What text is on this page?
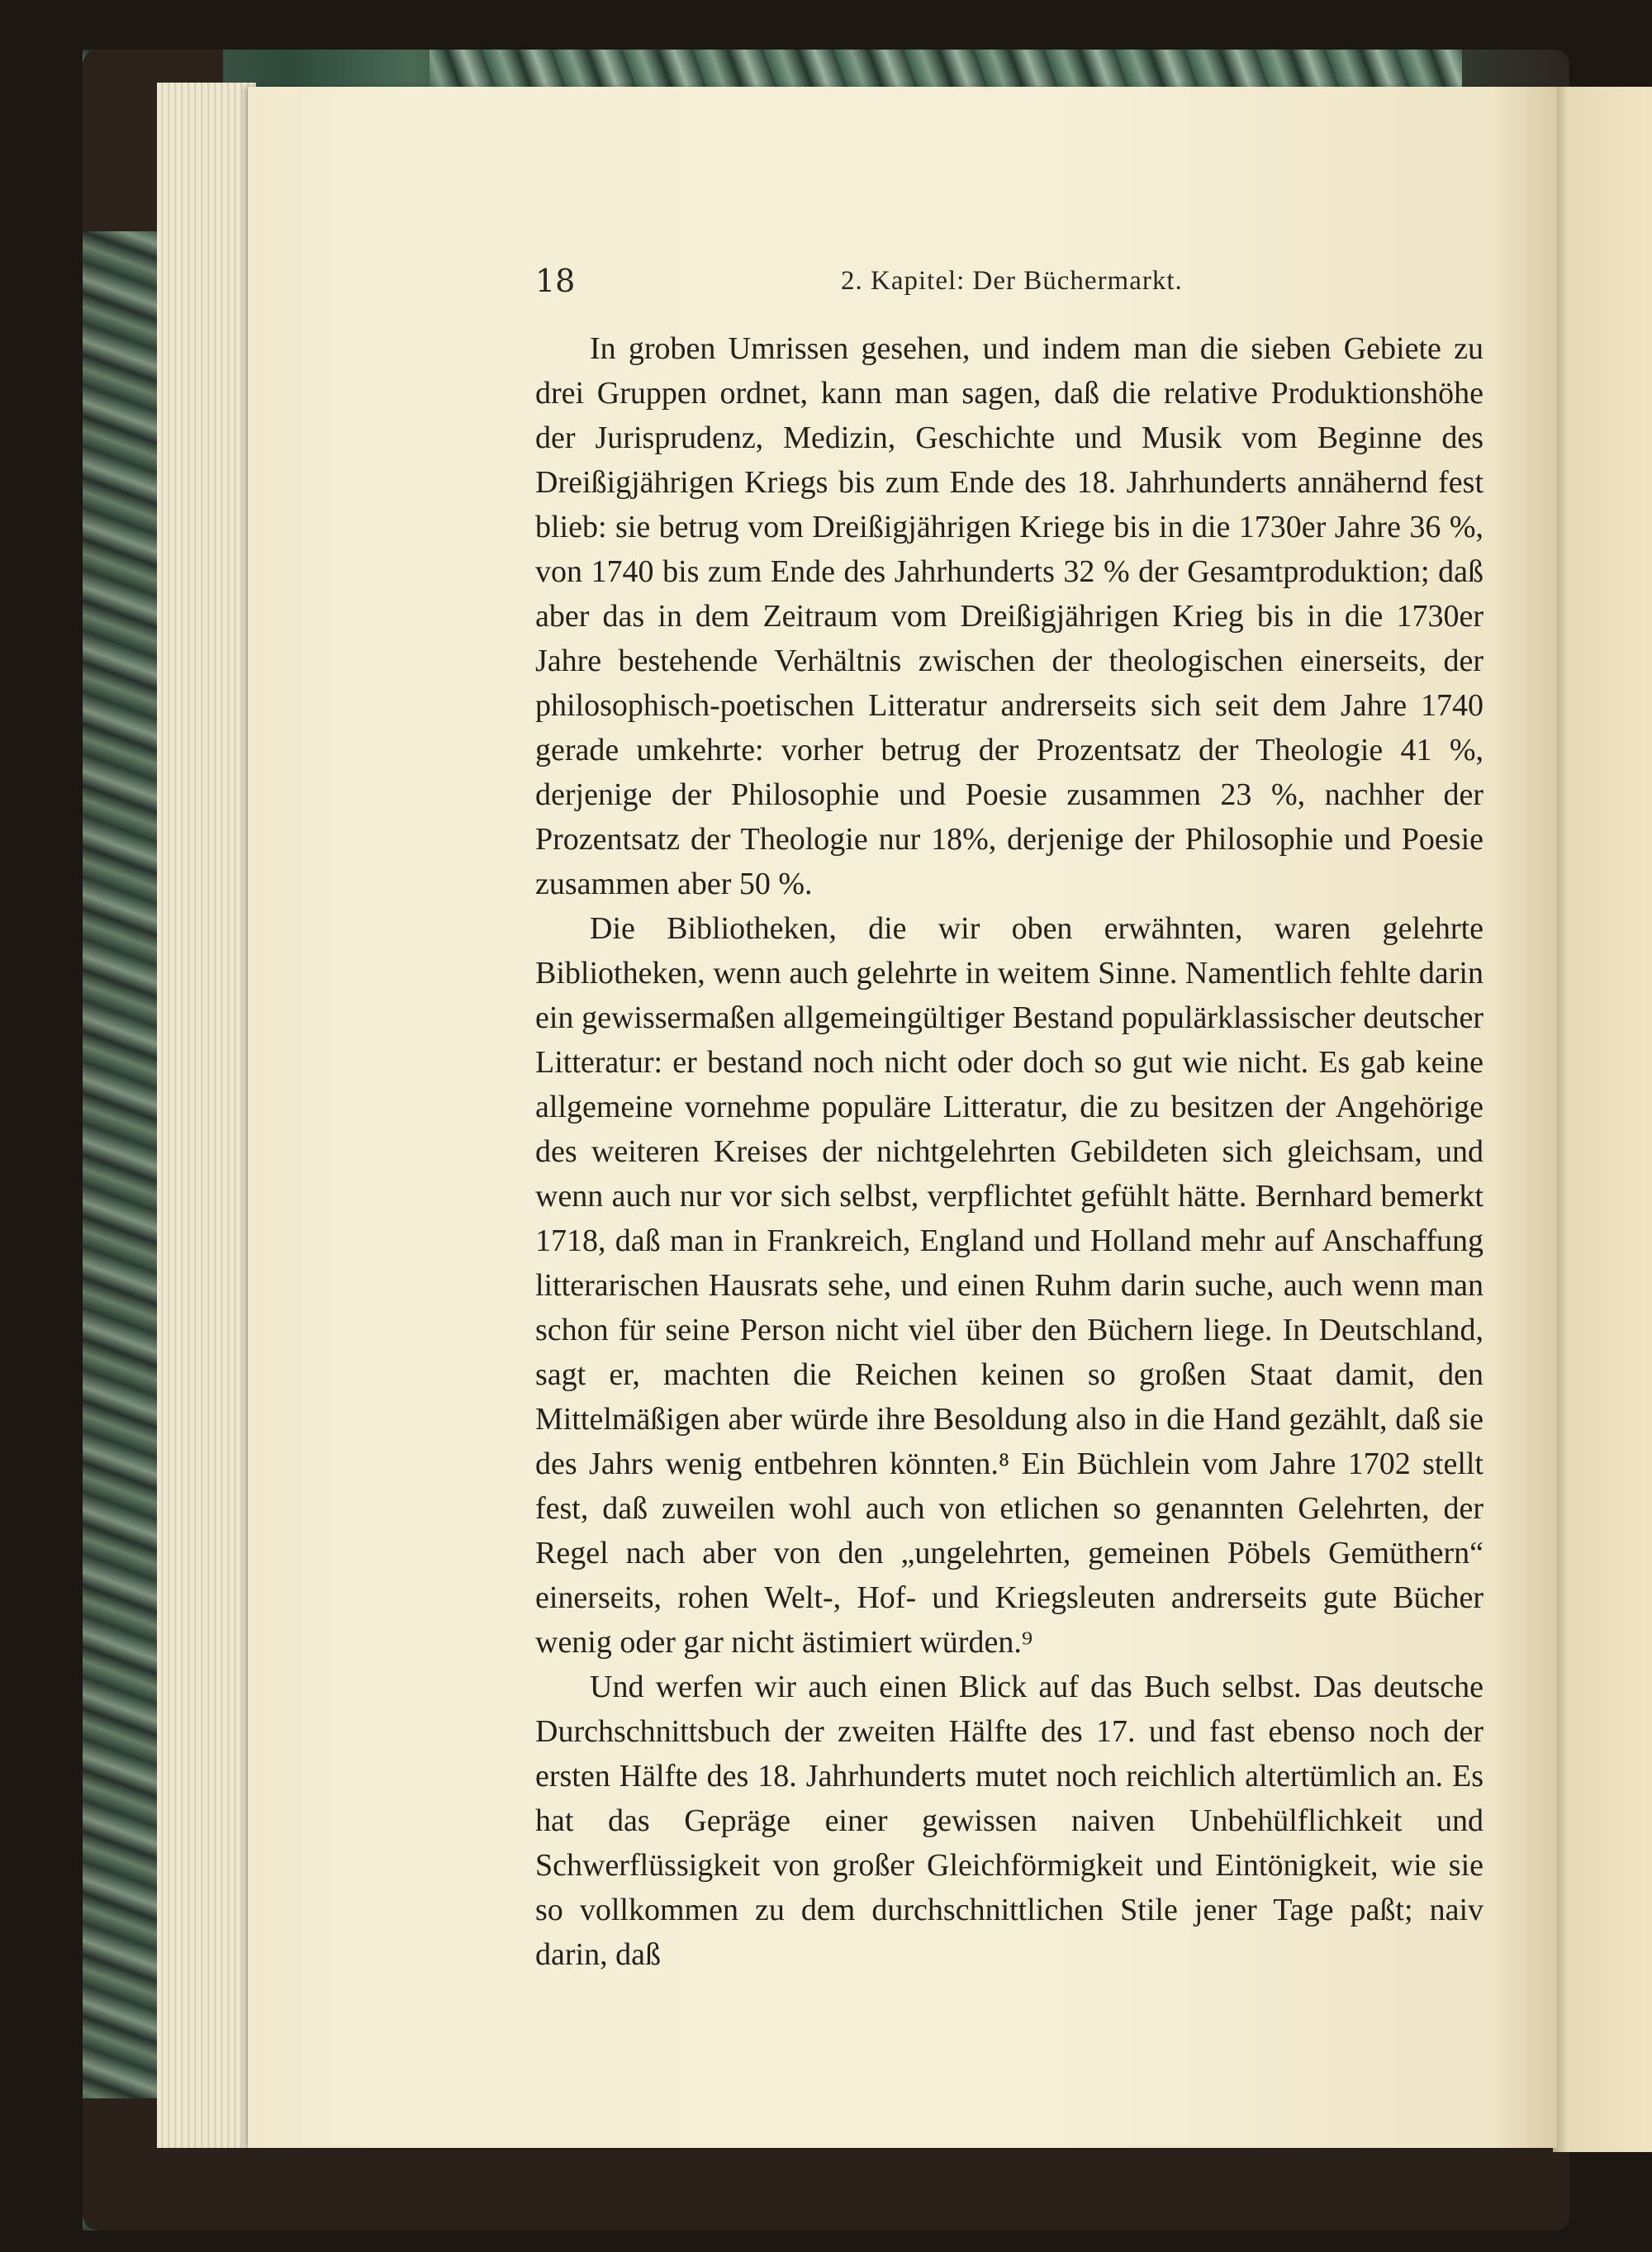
18	2. Kapitel: Der Büchermarkt.

In groben Umrissen gesehen, und indem man die sieben Gebiete zu drei Gruppen ordnet, kann man sagen, daß die relative Produktionshöhe der Jurisprudenz, Medizin, Geschichte und Musik vom Beginne des Dreißigjährigen Kriegs bis zum Ende des 18. Jahrhunderts annähernd fest blieb: sie betrug vom Dreißigjährigen Kriege bis in die 1730er Jahre 36 %, von 1740 bis zum Ende des Jahrhunderts 32 % der Gesamtproduktion; daß aber das in dem Zeitraum vom Dreißigjährigen Krieg bis in die 1730er Jahre bestehende Verhältnis zwischen der theologischen einerseits, der philosophisch-poetischen Litteratur andrerseits sich seit dem Jahre 1740 gerade umkehrte: vorher betrug der Prozentsatz der Theologie 41 %, derjenige der Philosophie und Poesie zusammen 23 %, nachher der Prozentsatz der Theologie nur 18%, derjenige der Philosophie und Poesie zusammen aber 50 %.

Die Bibliotheken, die wir oben erwähnten, waren gelehrte Bibliotheken, wenn auch gelehrte in weitem Sinne. Namentlich fehlte darin ein gewissermaßen allgemeingültiger Bestand populärklassischer deutscher Litteratur: er bestand noch nicht oder doch so gut wie nicht. Es gab keine allgemeine vornehme populäre Litteratur, die zu besitzen der Angehörige des weiteren Kreises der nichtgelehrten Gebildeten sich gleichsam, und wenn auch nur vor sich selbst, verpflichtet gefühlt hätte. Bernhard bemerkt 1718, daß man in Frankreich, England und Holland mehr auf Anschaffung litterarischen Hausrats sehe, und einen Ruhm darin suche, auch wenn man schon für seine Person nicht viel über den Büchern liege. In Deutschland, sagt er, machten die Reichen keinen so großen Staat damit, den Mittelmäßigen aber würde ihre Besoldung also in die Hand gezählt, daß sie des Jahrs wenig entbehren könnten.⁸ Ein Büchlein vom Jahre 1702 stellt fest, daß zuweilen wohl auch von etlichen so genannten Gelehrten, der Regel nach aber von den „ungelehrten, gemeinen Pöbels Gemüthern“ einerseits, rohen Welt-, Hof- und Kriegsleuten andrerseits gute Bücher wenig oder gar nicht ästimiert würden.⁹

Und werfen wir auch einen Blick auf das Buch selbst. Das deutsche Durchschnittsbuch der zweiten Hälfte des 17. und fast ebenso noch der ersten Hälfte des 18. Jahrhunderts mutet noch reichlich altertümlich an. Es hat das Gepräge einer gewissen naiven Unbehülflichkeit und Schwerflüssigkeit von großer Gleichförmigkeit und Eintönigkeit, wie sie so vollkommen zu dem durchschnittlichen Stile jener Tage paßt; naiv darin, daß
